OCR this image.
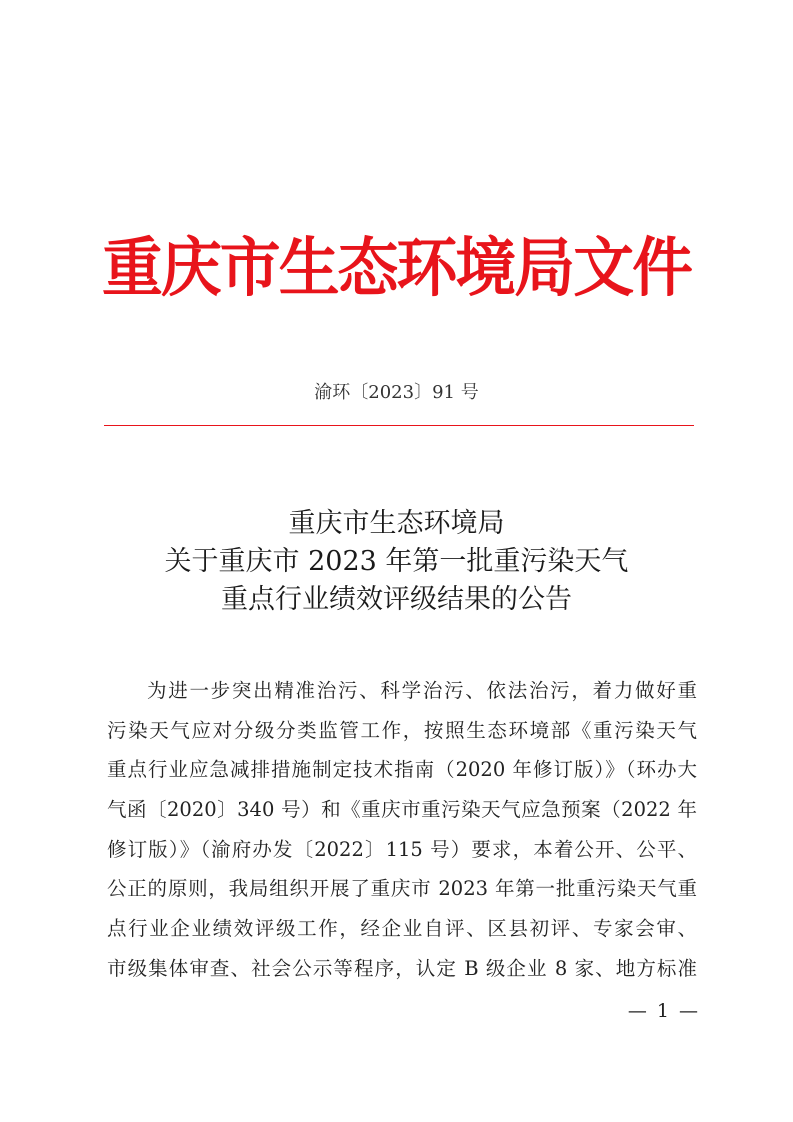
重庆市生态环境局文件
渝环〔2023〕91 号
重庆市生态环境局
关于重庆市 2023 年第一批重污染天气
重点行业绩效评级结果的公告
为进一步突出精准治污、科学治污、依法治污，着力做好重
污染天气应对分级分类监管工作，按照生态环境部《重污染天气
重点行业应急减排措施制定技术指南（2020 年修订版）》（环办大
气函〔2020〕340 号）和《重庆市重污染天气应急预案（2022 年
修订版）》（渝府办发〔2022〕115 号）要求，本着公开、公平、
公正的原则，我局组织开展了重庆市 2023 年第一批重污染天气重
点行业企业绩效评级工作，经企业自评、区县初评、专家会审、
市级集体审查、社会公示等程序，认定 B 级企业 8 家、地方标准
— 1 —
